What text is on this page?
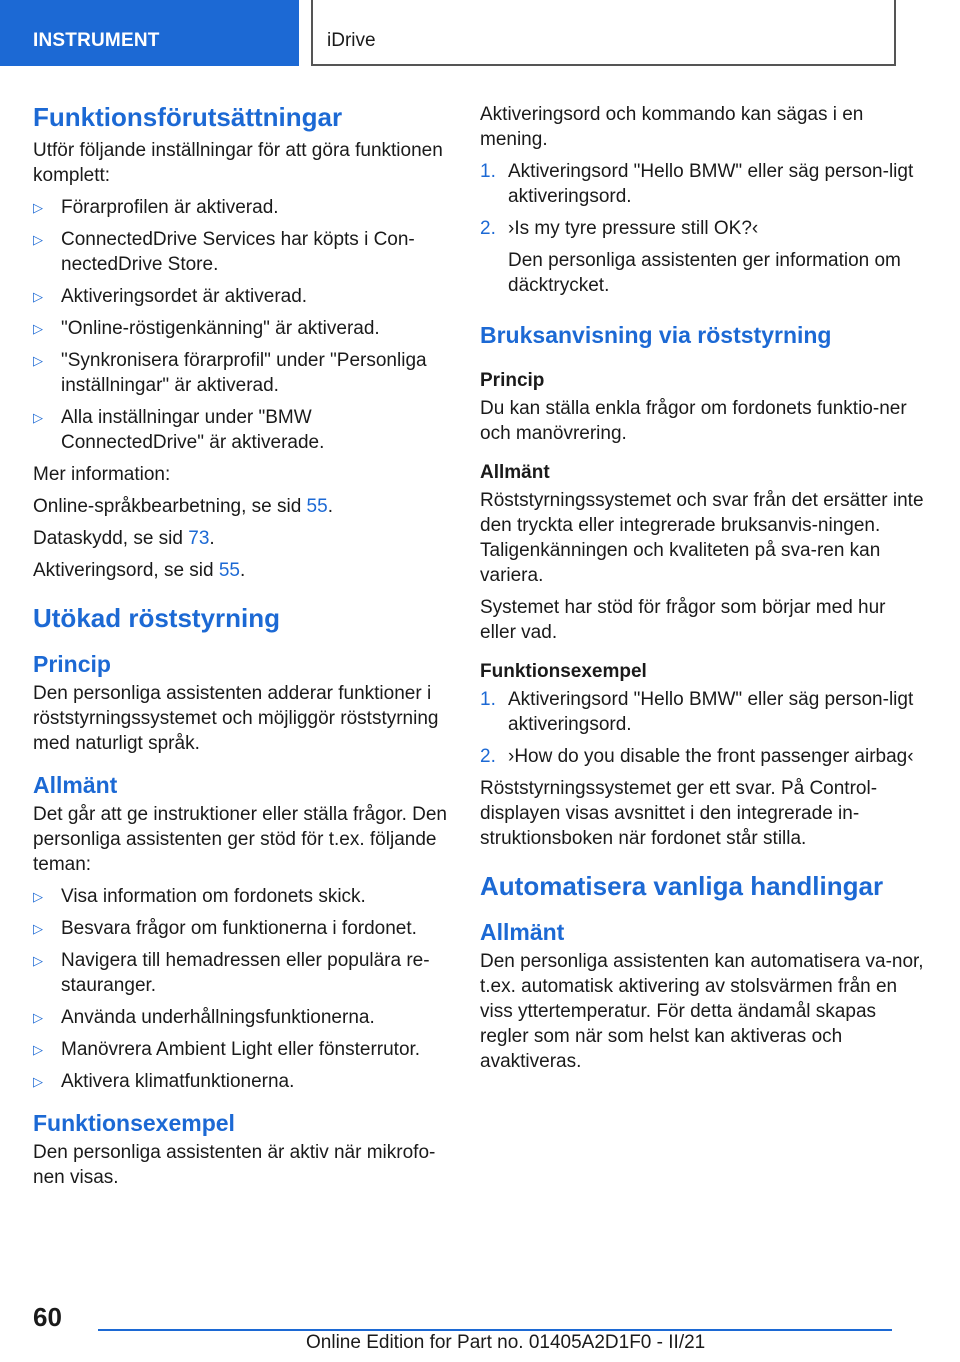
INSTRUMENT	iDrive
Funktionsförutsättningar

Utför följande inställningar för att göra funktionen komplett:

▷ Förarprofilen är aktiverad.
▷ ConnectedDrive Services har köpts i Con-nectedDrive Store.
▷ Aktiveringsordet är aktiverad.
▷ "Online-röstigenkänning" är aktiverad.
▷ "Synkronisera förarprofil" under "Personliga inställningar" är aktiverad.
▷ Alla inställningar under "BMW ConnectedDrive" är aktiverade.

Mer information:

Online-språkbearbetning, se sid 55.

Dataskydd, se sid 73.

Aktiveringsord, se sid 55.

Utökad röststyrning
Princip

Den personliga assistenten adderar funktioner i röststyrningssystemet och möjliggör röststyrning med naturligt språk.

Allmänt

Det går att ge instruktioner eller ställa frågor. Den personliga assistenten ger stöd för t.ex. följande teman:

▷ Visa information om fordonets skick.
▷ Besvara frågor om funktionerna i fordonet.
▷ Navigera till hemadressen eller populära re-stauranger.
▷ Använda underhållningsfunktionerna.
▷ Manövrera Ambient Light eller fönsterrutor.
▷ Aktivera klimatfunktionerna.
Funktionsexempel

Den personliga assistenten är aktiv när mikrofo-nen visas.

Aktiveringsord och kommando kan sägas i en mening.

1. Aktiveringsord "Hello BMW" eller säg person-ligt aktiveringsord.
2. ›Is my tyre pressure still OK?‹
Den personliga assistenten ger information om däcktrycket.
Bruksanvisning via röststyrning
Princip

Du kan ställa enkla frågor om fordonets funktio-ner och manövrering.

Allmänt

Röststyrningssystemet och svar från det ersätter inte den tryckta eller integrerade bruksanvis-ningen. Taligenkänningen och kvaliteten på sva-ren kan variera.

Systemet har stöd för frågor som börjar med hur eller vad.

Funktionsexempel
1. Aktiveringsord "Hello BMW" eller säg person-ligt aktiveringsord.
2. ›How do you disable the front passenger airbag‹

Röststyrningssystemet ger ett svar. På Control-displayen visas avsnittet i den integrerade in-struktionsboken när fordonet står stilla.

Automatisera vanliga handlingar
Allmänt

Den personliga assistenten kan automatisera va-nor, t.ex. automatisk aktivering av stolsvärmen från en viss yttertemperatur. För detta ändamål skapas regler som när som helst kan aktiveras och avaktiveras.

60
Online Edition for Part no. 01405A2D1F0 - II/21
